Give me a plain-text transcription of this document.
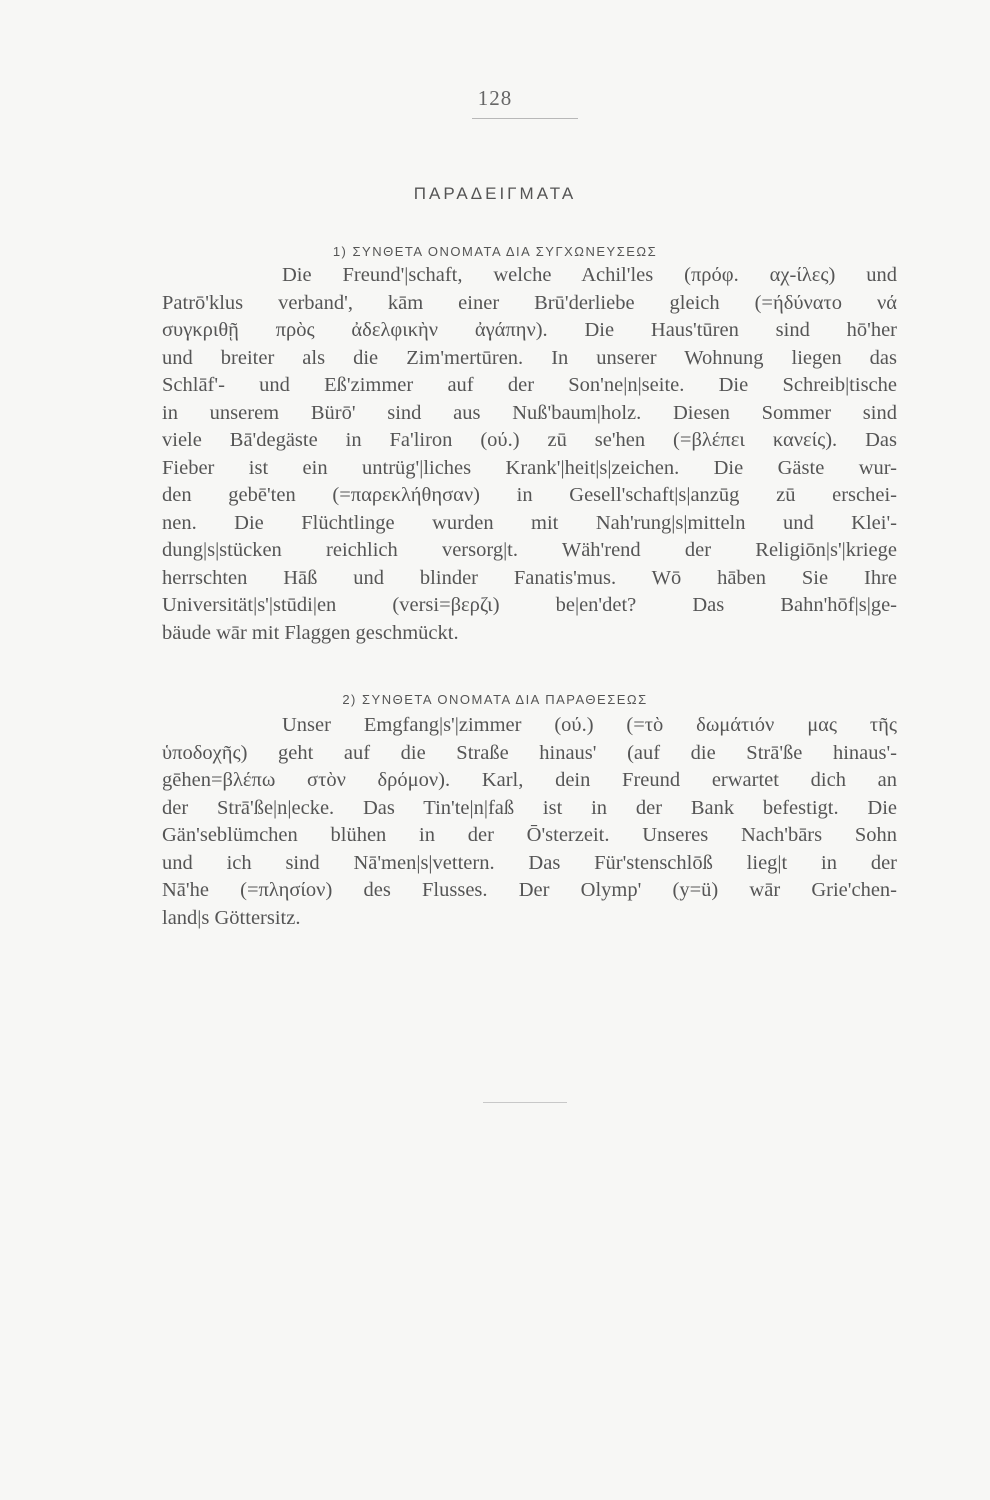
128
ΠΑΡΑΔΕΙΓΜΑΤΑ
1) ΣΥΝΘΕΤΑ ΟΝΟΜΑΤΑ ΔΙΑ ΣΥΓΧΩΝΕΥΣΕΩΣ
Die Freund'|schaft, welche Achil'les (πρόφ. αχ-ίλες) und
Patrō'klus verband', kām einer Brū'derliebe gleich (=ήδύνατο νά
συγκριθῇ πρὸς ἀδελφικὴν ἀγάπην). Die Haus'tūren sind hō'her
und breiter als die Zim'mertūren. In unserer Wohnung liegen das
Schlāf'- und Eß'zimmer auf der Son'ne|n|seite. Die Schreib|tische
in unserem Bürō' sind aus Nuß'baum|holz. Diesen Sommer sind
viele Bā'degäste in Fa'liron (ού.) zū se'hen (=βλέπει κανείς). Das
Fieber ist ein untrüg'|liches Krank'|heit|s|zeichen. Die Gäste wur-
den gebē'ten (=παρεκλήθησαν) in Gesell'schaft|s|anzūg zū erschei-
nen. Die Flüchtlinge wurden mit Nah'rung|s|mitteln und Klei'-
dung|s|stücken reichlich versorg|t. Wäh'rend der Religiōn|s'|kriege
herrschten Hāß und blinder Fanatis'mus. Wō hāben Sie Ihre
Universität|s'|stūdi|en (versi=βερζι) be|en'det? Das Bahn'hōf|s|ge-
bäude wār mit Flaggen geschmückt.
2) ΣΥΝΘΕΤΑ ΟΝΟΜΑΤΑ ΔΙΑ ΠΑΡΑΘΕΣΕΩΣ
Unser Emgfang|s'|zimmer (ού.) (=τὸ δωμάτιόν μας τῆς
ὑποδοχῆς) geht auf die Straße hinaus' (auf die Strā'ße hinaus'-
gēhen=βλέπω στὸν δρόμον). Karl, dein Freund erwartet dich an
der Strā'ße|n|ecke. Das Tin'te|n|faß ist in der Bank befestigt. Die
Gän'seblümchen blühen in der Ō'sterzeit. Unseres Nach'bārs Sohn
und ich sind Nā'men|s|vettern. Das Für'stenschlōß lieg|t in der
Nā'he (=πλησίον) des Flusses. Der Olymp' (y=ü) wār Grie'chen-
land|s Göttersitz.
